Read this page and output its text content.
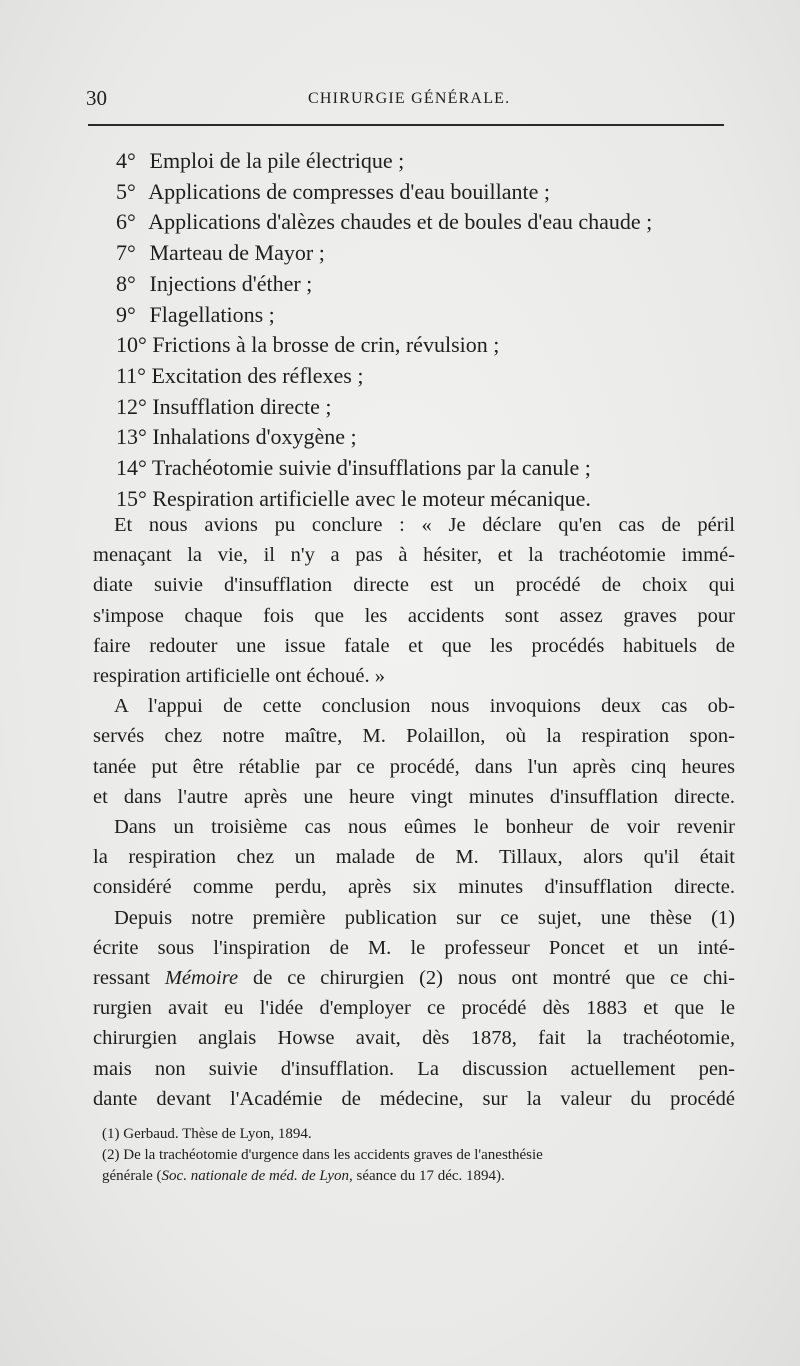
30	CHIRURGIE GÉNÉRALE.
4° Emploi de la pile électrique ;
5° Applications de compresses d'eau bouillante ;
6° Applications d'alèzes chaudes et de boules d'eau chaude ;
7° Marteau de Mayor ;
8° Injections d'éther ;
9° Flagellations ;
10° Frictions à la brosse de crin, révulsion ;
11° Excitation des réflexes ;
12° Insufflation directe ;
13° Inhalations d'oxygène ;
14° Trachéotomie suivie d'insufflations par la canule ;
15° Respiration artificielle avec le moteur mécanique.

Et nous avions pu conclure : « Je déclare qu'en cas de péril
menaçant la vie, il n'y a pas à hésiter, et la trachéotomie immé-
diate suivie d'insufflation directe est un procédé de choix qui
s'impose chaque fois que les accidents sont assez graves pour
faire redouter une issue fatale et que les procédés habituels de
respiration artificielle ont échoué. »

A l'appui de cette conclusion nous invoquions deux cas ob-
servés chez notre maître, M. Polaillon, où la respiration spon-
tanée put être rétablie par ce procédé, dans l'un après cinq heures
et dans l'autre après une heure vingt minutes d'insufflation directe.

Dans un troisième cas nous eûmes le bonheur de voir revenir
la respiration chez un malade de M. Tillaux, alors qu'il était
considéré comme perdu, après six minutes d'insufflation directe.

Depuis notre première publication sur ce sujet, une thèse (1)
écrite sous l'inspiration de M. le professeur Poncet et un inté-
ressant Mémoire de ce chirurgien (2) nous ont montré que ce chi-
rurgien avait eu l'idée d'employer ce procédé dès 1883 et que le
chirurgien anglais Howse avait, dès 1878, fait la trachéotomie,
mais non suivie d'insufflation. La discussion actuellement pen-
dante devant l'Académie de médecine, sur la valeur du procédé

(1) Gerbaud. Thèse de Lyon, 1894.

(2) De la trachéotomie d'urgence dans les accidents graves de l'anesthésie

générale (Soc. nationale de méd. de Lyon, séance du 17 déc. 1894).
